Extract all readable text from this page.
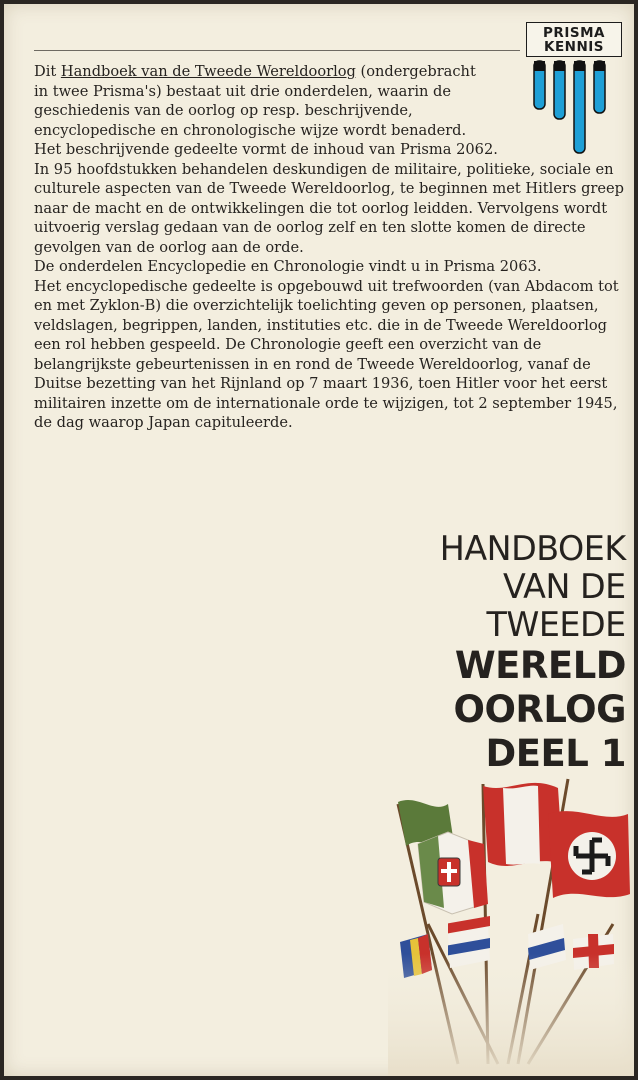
PRISMA
KENNIS

Dit Handboek van de Tweede Wereldoorlog (ondergebracht in twee Prisma's) bestaat uit drie onderdelen, waarin de geschiedenis van de oorlog op resp. beschrijvende, encyclopedische en chronologische wijze wordt benaderd.

Het beschrijvende gedeelte vormt de inhoud van Prisma 2062.

In 95 hoofdstukken behandelen deskundigen de militaire, politieke, sociale en culturele aspecten van de Tweede Wereldoorlog, te beginnen met Hitlers greep naar de macht en de ontwikkelingen die tot oorlog leidden. Vervolgens wordt uitvoerig verslag gedaan van de oorlog zelf en ten slotte komen de directe gevolgen van de oorlog aan de orde.

De onderdelen Encyclopedie en Chronologie vindt u in Prisma 2063.

Het encyclopedische gedeelte is opgebouwd uit trefwoorden (van Abdacom tot en met Zyklon-B) die overzichtelijk toelichting geven op personen, plaatsen, veldslagen, begrippen, landen, instituties etc. die in de Tweede Wereldoorlog een rol hebben gespeeld. De Chronologie geeft een overzicht van de belangrijkste gebeurtenissen in en rond de Tweede Wereldoorlog, vanaf de Duitse bezetting van het Rijnland op 7 maart 1936, toen Hitler voor het eerst militairen inzette om de internationale orde te wijzigen, tot 2 september 1945, de dag waarop Japan capituleerde.

HANDBOEK
VAN DE
TWEEDE
WERELD
OORLOG
DEEL 1
